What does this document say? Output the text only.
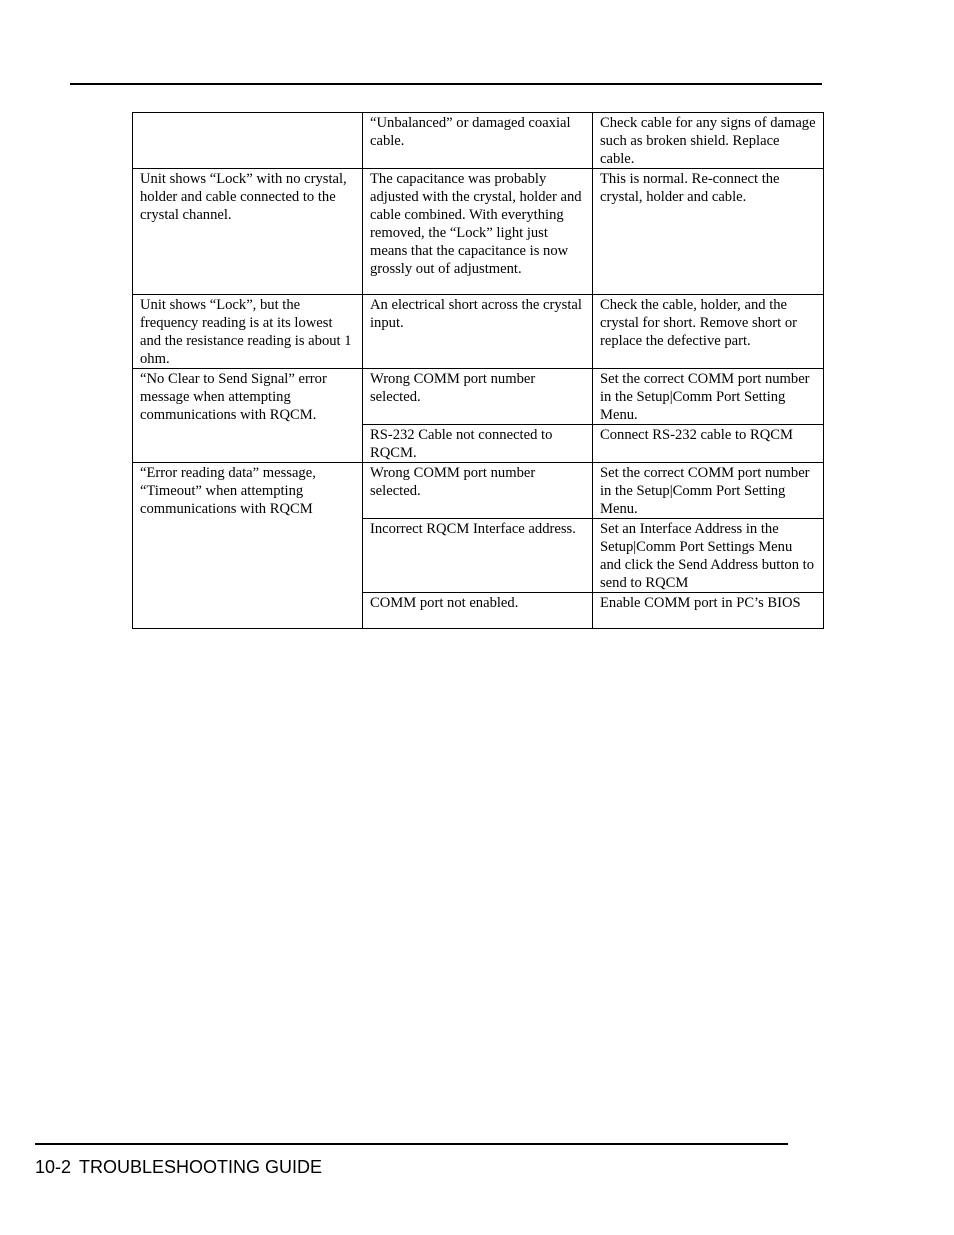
	“Unbalanced” or damaged coaxial cable.	Check cable for any signs of damage such as broken shield. Replace cable.
Unit shows “Lock” with no crystal, holder and cable connected to the crystal channel.	The capacitance was probably adjusted with the crystal, holder and cable combined. With everything removed, the “Lock” light just means that the capacitance is now grossly out of adjustment.	This is normal. Re-connect the crystal, holder and cable.
Unit shows “Lock”, but the frequency reading is at its lowest and the resistance reading is about 1 ohm.	An electrical short across the crystal input.	Check the cable, holder, and the crystal for short. Remove short or replace the defective part.
“No Clear to Send Signal” error message when attempting communications with RQCM.	Wrong COMM port number selected.	Set the correct COMM port number in the Setup|Comm Port Setting Menu.
	RS-232 Cable not connected to RQCM.	Connect RS-232 cable to RQCM
“Error reading data” message, “Timeout” when attempting communications with RQCM	Wrong COMM port number selected.	Set the correct COMM port number in the Setup|Comm Port Setting Menu.
	Incorrect RQCM Interface address.	Set an Interface Address in the Setup|Comm Port Settings Menu and click the Send Address button to send to RQCM
	COMM port not enabled.	Enable COMM port in PC’s BIOS
10-2 TROUBLESHOOTING GUIDE
